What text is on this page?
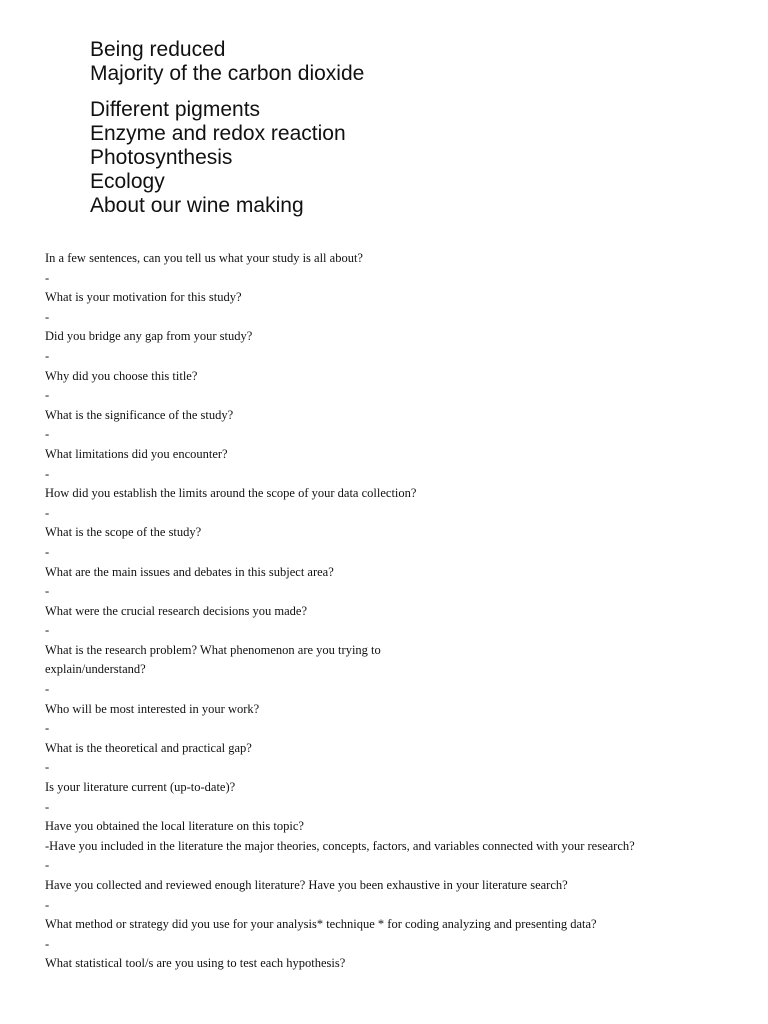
Being reduced
Majority of the carbon dioxide
Different pigments
Enzyme and redox reaction
Photosynthesis
Ecology
About our wine making

In a few sentences, can you tell us what your study is all about?

-

What is your motivation for this study?

-

Did you bridge any gap from your study?

-

Why did you choose this title?

-

What is the significance of the study?

-

What limitations did you encounter?

-

How did you establish the limits around the scope of your data collection?

-

What is the scope of the study?

-

What are the main issues and debates in this subject area?

-

What were the crucial research decisions you made?

-

What is the research problem? What phenomenon are you trying to

explain/understand?

-

Who will be most interested in your work?

-

What is the theoretical and practical gap?

-

Is your literature current (up-to-date)?

-

Have you obtained the local literature on this topic?

-Have you included in the literature the major theories, concepts, factors, and variables connected with your research?

-

Have you collected and reviewed enough literature? Have you been exhaustive in your literature search?

-

What method or strategy did you use for your analysis* technique * for coding analyzing and presenting data?

-

What statistical tool/s are you using to test each hypothesis?
